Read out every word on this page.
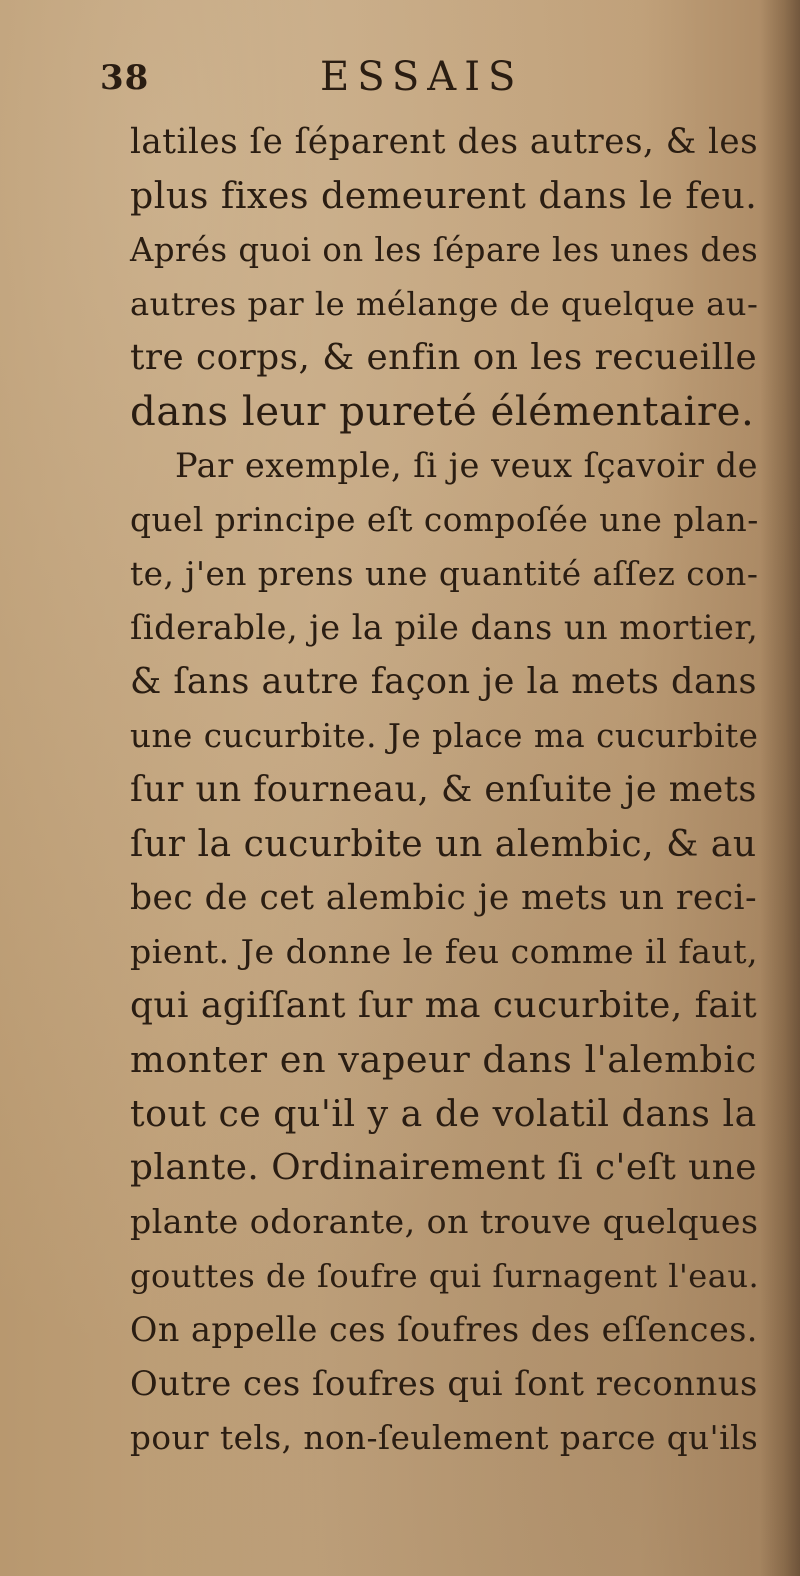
38	ESSAIS
latiles ſe ſéparent des autres, & les
plus fixes demeurent dans le feu.
Aprés quoi on les ſépare les unes des
autres par le mélange de quelque au-
tre corps, & enfin on les recueille
dans leur pureté élémentaire.
Par exemple, ſi je veux ſçavoir de
quel principe eſt compoſée une plan-
te, j'en prens une quantité aſſez con-
ſiderable, je la pile dans un mortier,
& ſans autre façon je la mets dans
une cucurbite. Je place ma cucurbite
ſur un fourneau, & enſuite je mets
ſur la cucurbite un alembic, & au
bec de cet alembic je mets un reci-
pient. Je donne le feu comme il faut,
qui agiſſant ſur ma cucurbite, fait
monter en vapeur dans l'alembic
tout ce qu'il y a de volatil dans la
plante. Ordinairement ſi c'eſt une
plante odorante, on trouve quelques
gouttes de ſoufre qui ſurnagent l'eau.
On appelle ces ſoufres des eſſences.
Outre ces ſoufres qui ſont reconnus
pour tels, non-ſeulement parce qu'ils
